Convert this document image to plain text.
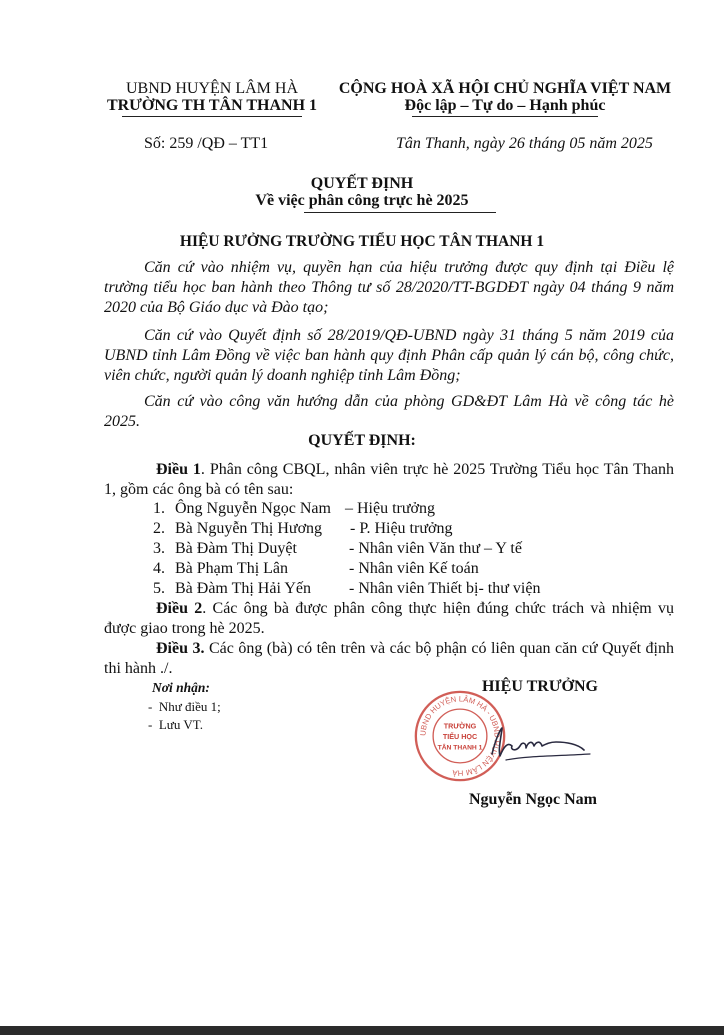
UBND HUYỆN LÂM HÀ
TRƯỜNG TH TÂN THANH 1
CỘNG HOÀ XÃ HỘI CHỦ NGHĨA VIỆT NAM
Độc lập – Tự do – Hạnh phúc
Số: 259 /QĐ – TT1	Tân Thanh, ngày 26 tháng 05 năm 2025
QUYẾT ĐỊNH
Về việc phân công trực hè 2025
HIỆU RƯỞNG TRƯỜNG TIỂU HỌC TÂN THANH 1
Căn cứ vào nhiệm vụ, quyền hạn của hiệu trưởng được quy định tại Điều lệ trường tiểu học ban hành theo Thông tư số 28/2020/TT-BGDĐT ngày 04 tháng 9 năm 2020 của Bộ Giáo dục và Đào tạo;
Căn cứ vào Quyết định số 28/2019/QĐ-UBND ngày 31 tháng 5 năm 2019 của UBND tỉnh Lâm Đồng về việc ban hành quy định Phân cấp quản lý cán bộ, công chức, viên chức, người quản lý doanh nghiệp tỉnh Lâm Đồng;
Căn cứ vào công văn hướng dẫn của phòng GD&ĐT Lâm Hà về công tác hè 2025.
QUYẾT ĐỊNH:
Điều 1. Phân công CBQL, nhân viên trực hè 2025 Trường Tiểu học Tân Thanh 1, gồm các ông bà có tên sau:
1. Ông Nguyễn Ngọc Nam – Hiệu trưởng
2. Bà Nguyễn Thị Hương - P. Hiệu trưởng
3. Bà Đàm Thị Duyệt	- Nhân viên Văn thư – Y tế
4. Bà Phạm Thị Lân	- Nhân viên Kế toán
5. Bà Đàm Thị Hải Yến - Nhân viên Thiết bị- thư viện
Điều 2. Các ông bà được phân công thực hiện đúng chức trách và nhiệm vụ được giao trong hè 2025.
Điều 3. Các ông (bà) có tên trên và các bộ phận có liên quan căn cứ Quyết định thi hành ./.
Nơi nhận:
-  Như điều 1;
-  Lưu VT.
HIỆU TRƯỞNG
UBND HUYỆN LÂM HÀ - UBND HUYỆN LÂM HÀ
TRƯỜNG
TIỂU HỌC
TÂN THANH 1
Nguyễn Ngọc Nam
